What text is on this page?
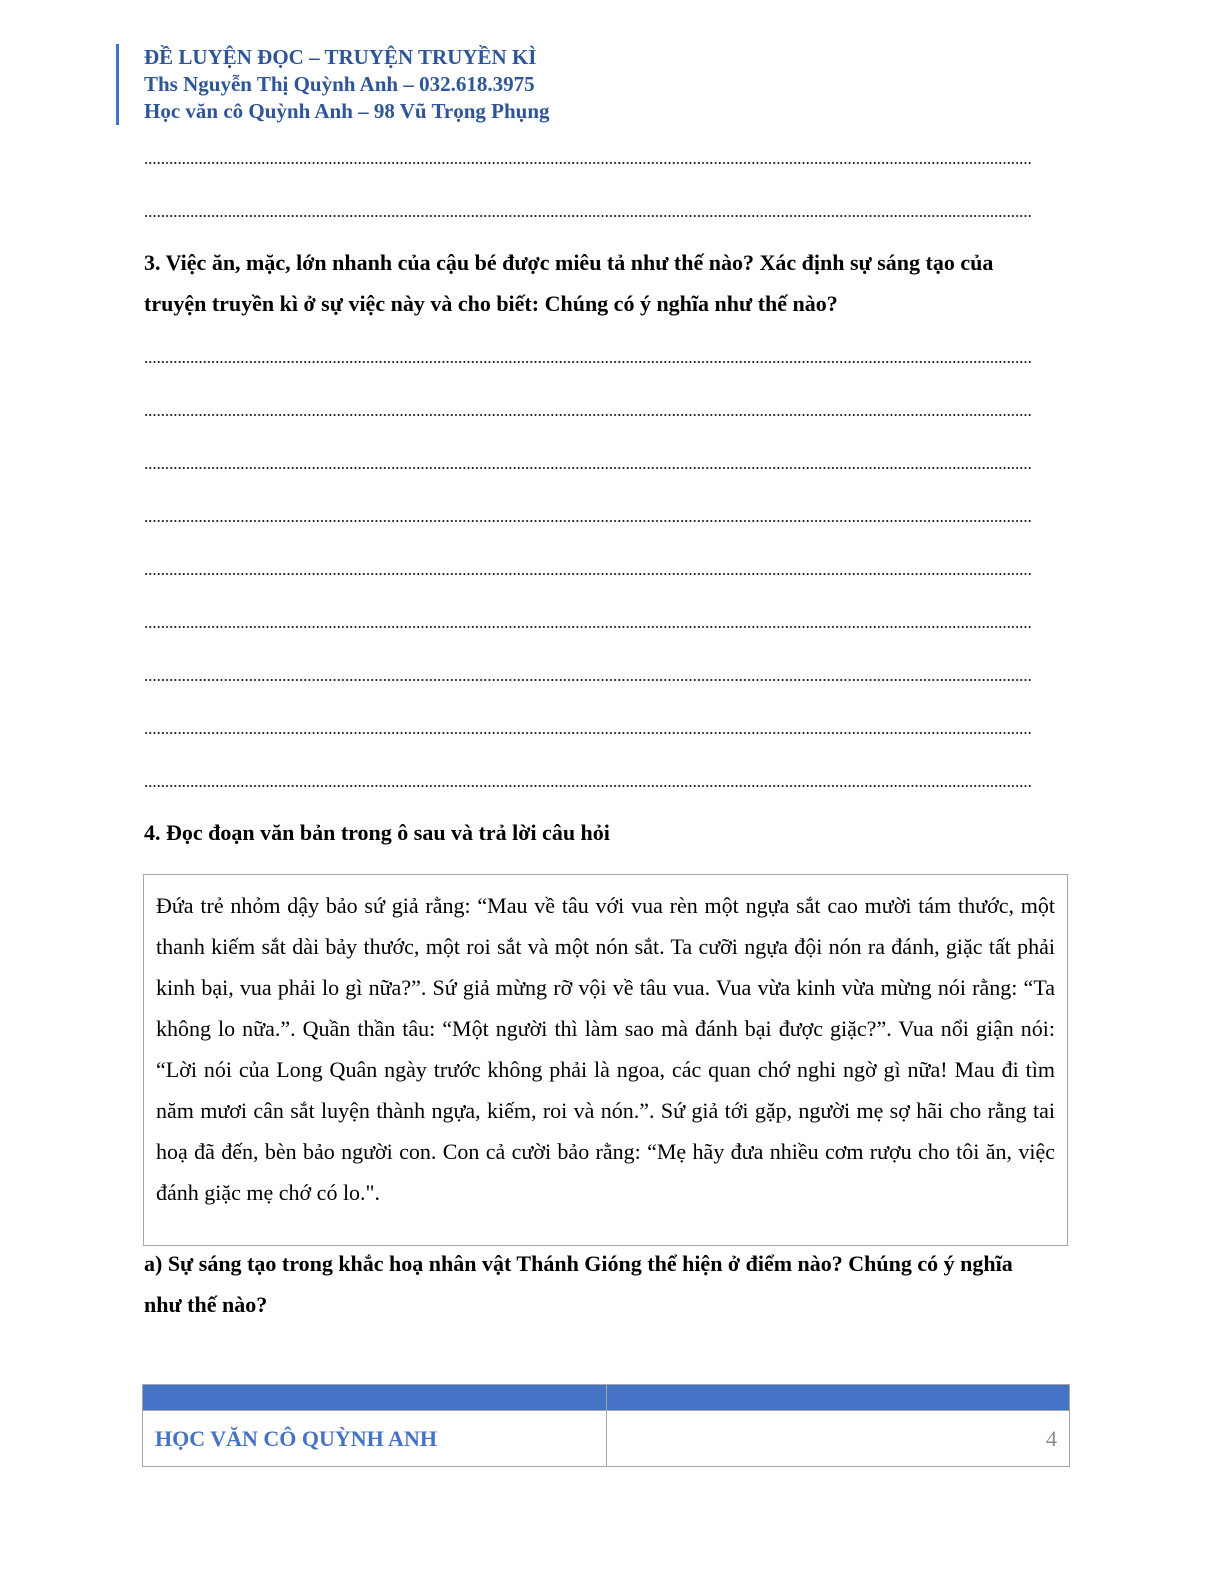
ĐỀ LUYỆN ĐỌC – TRUYỆN TRUYỀN KÌ
Ths Nguyễn Thị Quỳnh Anh – 032.618.3975
Học văn cô Quỳnh Anh – 98 Vũ Trọng Phụng
3. Việc ăn, mặc, lớn nhanh của cậu bé được miêu tả như thế nào? Xác định sự sáng tạo của
truyện truyền kì ở sự việc này và cho biết: Chúng có ý nghĩa như thế nào?
4. Đọc đoạn văn bản trong ô sau và trả lời câu hỏi
Đứa trẻ nhỏm dậy bảo sứ giả rằng: “Mau về tâu với vua rèn một ngựa sắt cao mười tám thước, một thanh kiếm sắt dài bảy thước, một roi sắt và một nón sắt. Ta cưỡi ngựa đội nón ra đánh, giặc tất phải kinh bại, vua phải lo gì nữa?”. Sứ giả mừng rỡ vội về tâu vua. Vua vừa kinh vừa mừng nói rằng: “Ta không lo nữa.”. Quần thần tâu: “Một người thì làm sao mà đánh bại được giặc?”. Vua nổi giận nói: “Lời nói của Long Quân ngày trước không phải là ngoa, các quan chớ nghi ngờ gì nữa! Mau đi tìm năm mươi cân sắt luyện thành ngựa, kiếm, roi và nón.”. Sứ giả tới gặp, người mẹ sợ hãi cho rằng tai hoạ đã đến, bèn bảo người con. Con cả cười bảo rằng: “Mẹ hãy đưa nhiều cơm rượu cho tôi ăn, việc đánh giặc mẹ chớ có lo.".
a) Sự sáng tạo trong khắc hoạ nhân vật Thánh Gióng thể hiện ở điểm nào? Chúng có ý nghĩa
như thế nào?

HỌC VĂN CÔ QUỲNH ANH	4
